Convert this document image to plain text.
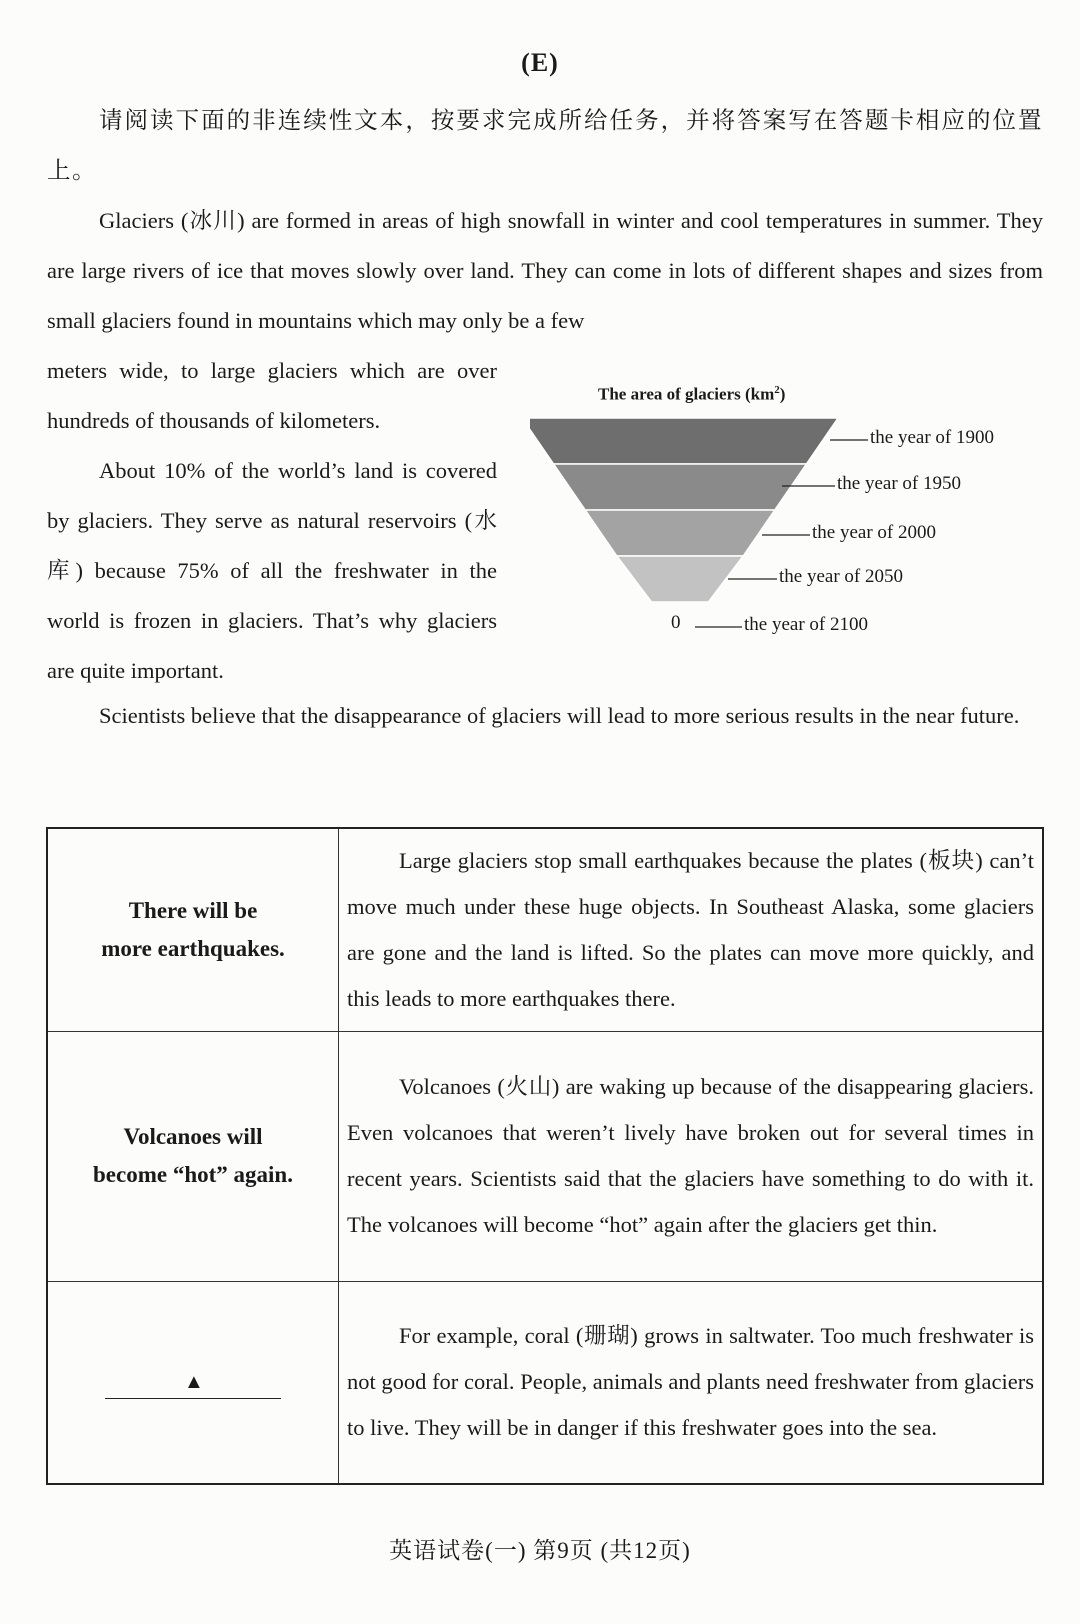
(E)
请阅读下面的非连续性文本，按要求完成所给任务，并将答案写在答题卡相应的位置上。
Glaciers (冰川) are formed in areas of high snowfall in winter and cool temperatures in summer. They are large rivers of ice that moves slowly over land. They can come in lots of different shapes and sizes from small glaciers found in mountains which may only be a few
meters wide, to large glaciers which are over
hundreds of thousands of kilometers.
About 10% of the world’s land is covered by glaciers. They serve as natural reservoirs (水库) because 75% of all the freshwater in the world is frozen in glaciers. That’s why glaciers are quite important.
Scientists believe that the disappearance of glaciers will lead to more serious results in the near future.
The area of glaciers $(km^2)$
the year of 1900
the year of 1950
the year of 2000
the year of 2050
the year of 2100
0
There will be
more earthquakes.	Large glaciers stop small earthquakes because the plates (板块) can’t move much under these huge objects. In Southeast Alaska, some glaciers are gone and the land is lifted. So the plates can move more quickly, and this leads to more earthquakes there.

Volcanoes will
become “hot” again.	Volcanoes (火山) are waking up because of the disappearing glaciers. Even volcanoes that weren’t lively have broken out for several times in recent years. Scientists said that the glaciers have something to do with it. The volcanoes will become “hot” again after the glaciers get thin.

▲	For example, coral (珊瑚) grows in saltwater. Too much freshwater is not good for coral. People, animals and plants need freshwater from glaciers to live. They will be in danger if this freshwater goes into the sea.
英语试卷(一) 第9页 (共12页)
